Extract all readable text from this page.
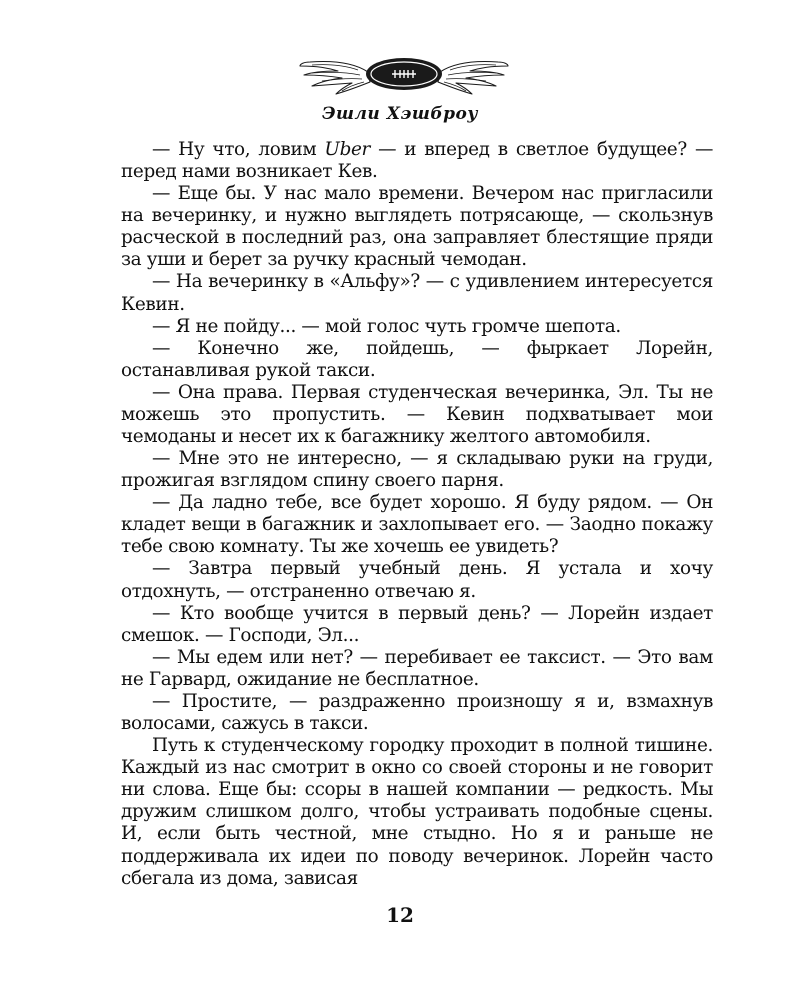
Эшли Хэшброу

— Ну что, ловим Uber — и вперед в светлое будущее? — перед нами возникает Кев.

— Еще бы. У нас мало времени. Вечером нас пригласили на вечеринку, и нужно выглядеть потрясающе, — скользнув расческой в последний раз, она заправляет блестящие пряди за уши и берет за ручку красный чемодан.

— На вечеринку в «Альфу»? — с удивлением интересуется Кевин.

— Я не пойду... — мой голос чуть громче шепота.

— Конечно же, пойдешь, — фыркает Лорейн, останавливая рукой такси.

— Она права. Первая студенческая вечеринка, Эл. Ты не можешь это пропустить. — Кевин подхватывает мои чемоданы и несет их к багажнику желтого автомобиля.

— Мне это не интересно, — я складываю руки на груди, прожигая взглядом спину своего парня.

— Да ладно тебе, все будет хорошо. Я буду рядом. — Он кладет вещи в багажник и захлопывает его. — Заодно покажу тебе свою комнату. Ты же хочешь ее увидеть?

— Завтра первый учебный день. Я устала и хочу отдохнуть, — отстраненно отвечаю я.

— Кто вообще учится в первый день? — Лорейн издает смешок. — Господи, Эл...

— Мы едем или нет? — перебивает ее таксист. — Это вам не Гарвард, ожидание не бесплатное.

— Простите, — раздраженно произношу я и, взмахнув волосами, сажусь в такси.

Путь к студенческому городку проходит в полной тишине. Каждый из нас смотрит в окно со своей стороны и не говорит ни слова. Еще бы: ссоры в нашей компании — редкость. Мы дружим слишком долго, чтобы устраивать подобные сцены. И, если быть честной, мне стыдно. Но я и раньше не поддерживала их идеи по поводу вечеринок. Лорейн часто сбегала из дома, зависая

12
